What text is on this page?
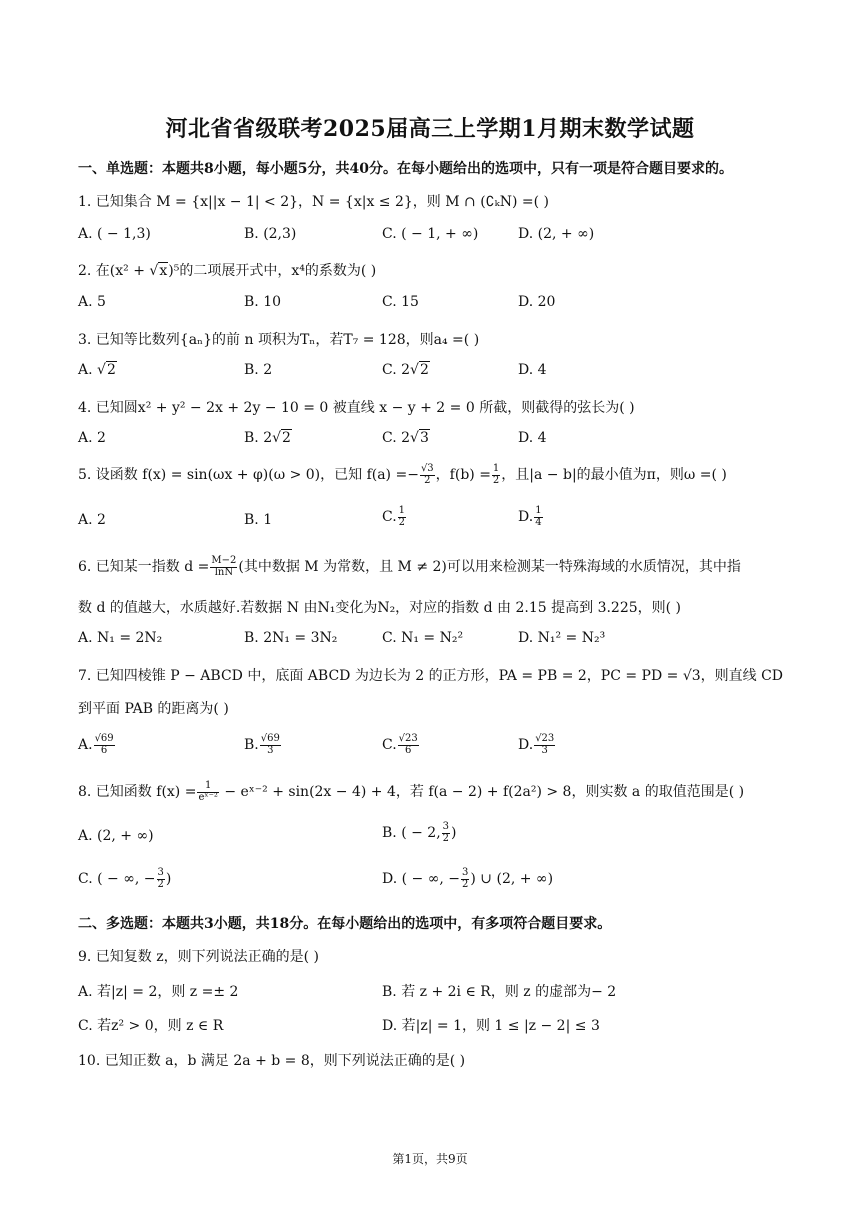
河北省省级联考2025届高三上学期1月期末数学试题
一、单选题：本题共8小题，每小题5分，共40分。在每小题给出的选项中，只有一项是符合题目要求的。
1. 已知集合 M = {x||x − 1| < 2}，N = {x|x ≤ 2}，则 M ∩ (∁ₖN) =( )
A. ( − 1,3)	B. (2,3)	C. ( − 1, + ∞)	D. (2, + ∞)
2. 在(x² + √x)⁵的二项展开式中，x⁴的系数为( )
A. 5	B. 10	C. 15	D. 20
3. 已知等比数列{aₙ}的前 n 项积为Tₙ，若T₇ = 128，则a₄ =( )
A. √2	B. 2	C. 2√2	D. 4
4. 已知圆x² + y² − 2x + 2y − 10 = 0 被直线 x − y + 2 = 0 所截，则截得的弦长为( )
A. 2	B. 2√2	C. 2√3	D. 4
5. 设函数 f(x) = sin(ωx + φ)(ω > 0)，已知 $f(a) =- \frac{√3}{2}$ ，$f(b) = \frac{1}{2}$ ，且|a − b|的最小值为π，则ω =( )
A. 2	B. 1	C. $\frac{1}{2}$	D. $\frac{1}{4}$
6. 已知某一指数 $d = \frac{M-2}{\ln N}$ (其中数据 M 为常数，且 M ≠ 2)可以用来检测某一特殊海域的水质情况，其中指
数 d 的值越大，水质越好.若数据 N 由N₁变化为N₂，对应的指数 d 由 2.15 提高到 3.225，则( )
A. N₁ = 2N₂	B. 2N₁ = 3N₂	C. N₁ = N₂²	D. N₁² = N₂³
7. 已知四棱锥 P − ABCD 中，底面 ABCD 为边长为 2 的正方形，PA = PB = 2，PC = PD = √3，则直线 CD
到平面 PAB 的距离为( )
A. $\frac{√69}{6}$	B. $\frac{√69}{3}$	C. $\frac{√23}{6}$	D. $\frac{√23}{3}$
8. 已知函数 $f(x) = \frac{1}{\text{eˣ⁻²}}$ − eˣ⁻² + sin(2x − 4) + 4，若 f(a − 2) + f(2a²) > 8，则实数 a 的取值范围是( )
A. (2, + ∞)	B. ( − 2, $\frac{3}{2}$ )
C. ( − ∞, − $\frac{3}{2}$ )	D. ( − ∞, − $\frac{3}{2}$ ) ∪ (2, + ∞)
二、多选题：本题共3小题，共18分。在每小题给出的选项中，有多项符合题目要求。
9. 已知复数 z，则下列说法正确的是( )
A. 若|z| = 2，则 z =± 2	B. 若 z + 2i ∈ R，则 z 的虚部为− 2
C. 若z² > 0，则 z ∈ R	D. 若|z| = 1，则 1 ≤ |z − 2| ≤ 3
10. 已知正数 a，b 满足 2a + b = 8，则下列说法正确的是( )
第1页，共9页
